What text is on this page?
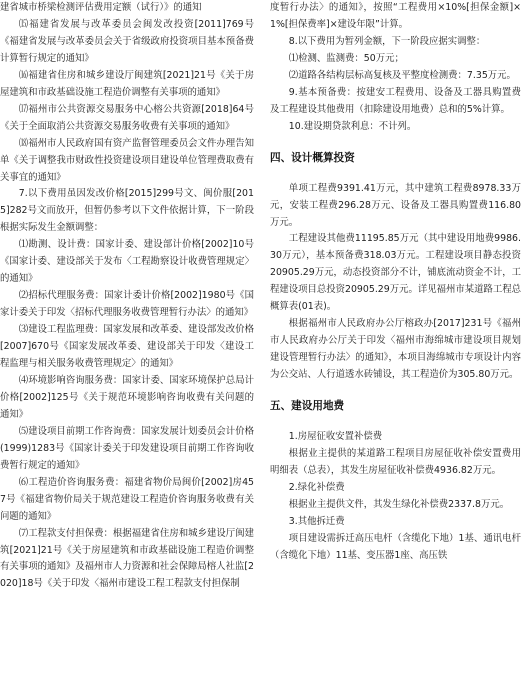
建省城市桥梁检测评估费用定额（试行）》的通知

⒂福建省发展与改革委员会闽发改投资[2011]769号《福建省发展与改革委员会关于省级政府投资项目基本预备费计算暂行规定的通知》

⒃福建省住房和城乡建设厅闽建筑[2021]21号《关于房屋建筑和市政基础设施工程造价调整有关事项的通知》

⒄福州市公共资源交易服务中心榕公共资源[2018]64号《关于全面取消公共资源交易服务收费有关事项的通知》

⒅福州市人民政府国有资产监督管理委员会文件办理告知单《关于调整我市财政性投资建设项目建设单位管理费取费有关事宜的通知》

7.以下费用虽因发改价格[2015]299号文、闽价服[2015]282号文而放开，但暂仍参考以下文件依据计算，下一阶段根据实际发生金额调整：

⑴勘测、设计费：国家计委、建设部计价格[2002]10号《国家计委、建设部关于发布〈工程勘察设计收费管理规定〉的通知》

⑵招标代理服务费：国家计委计价格[2002]1980号《国家计委关于印发〈招标代理服务收费管理暂行办法〉的通知》

⑶建设工程监理费：国家发展和改革委、建设部发改价格[2007]670号《国家发展改革委、建设部关于印发〈建设工程监理与相关服务收费管理规定〉的通知》

⑷环境影响咨询服务费：国家计委、国家环境保护总局计价格[2002]125号《关于规范环境影响咨询收费有关问题的通知》

⑸建设项目前期工作咨询费：国家发展计划委员会计价格(1999)1283号《国家计委关于印发建设项目前期工作咨询收费暂行规定的通知》

⑹工程造价咨询服务费：福建省物价局闽价[2002]房457号《福建省物价局关于规范建设工程造价咨询服务收费有关问题的通知》

⑺工程款支付担保费：根据福建省住房和城乡建设厅闽建筑[2021]21号《关于房屋建筑和市政基础设施工程造价调整有关事项的通知》及福州市人力资源和社会保障局榕人社监[2020]18号《关于印发〈福州市建设工程工程款支付担保制

度暂行办法〉的通知》，按照“工程费用×10%[担保金额]×1%[担保费率]×建设年限”计算。

8.以下费用为暂列金额，下一阶段应据实调整：

⑴检测、监测费：50万元；

⑵道路各结构层标高复核及平整度检测费：7.35万元。

9.基本预备费：按建安工程费用、设备及工器具购置费及工程建设其他费用（扣除建设用地费）总和的5%计算。

10.建设期贷款利息：不计列。

四、设计概算投资

单项工程费9391.41万元，其中建筑工程费8978.33万元，安装工程费296.28万元、设备及工器具购置费116.80万元。

工程建设其他费11195.85万元（其中建设用地费9986.30万元），基本预备费318.03万元。工程建设项目静态投资20905.29万元，动态投资部分不计，铺底流动资金不计，工程建设项目总投资20905.29万元。详见福州市某道路工程总概算表(01表)。

根据福州市人民政府办公厅榕政办[2017]231号《福州市人民政府办公厅关于印发〈福州市海绵城市建设项目规划建设管理暂行办法〉的通知》，本项目海绵城市专项设计内容为公交站、人行道透水砖铺设，其工程造价为305.80万元。

五、建设用地费

1.房屋征收安置补偿费

根据业主提供的某道路工程项目房屋征收补偿安置费用明细表（总表），其发生房屋征收补偿费4936.82万元。

2.绿化补偿费

根据业主提供文件，其发生绿化补偿费2337.8万元。

3.其他拆迁费

项目建设需拆迁高压电杆（含缆化下地）1基、通讯电杆（含缆化下地）11基、变压器1座、高压铁
